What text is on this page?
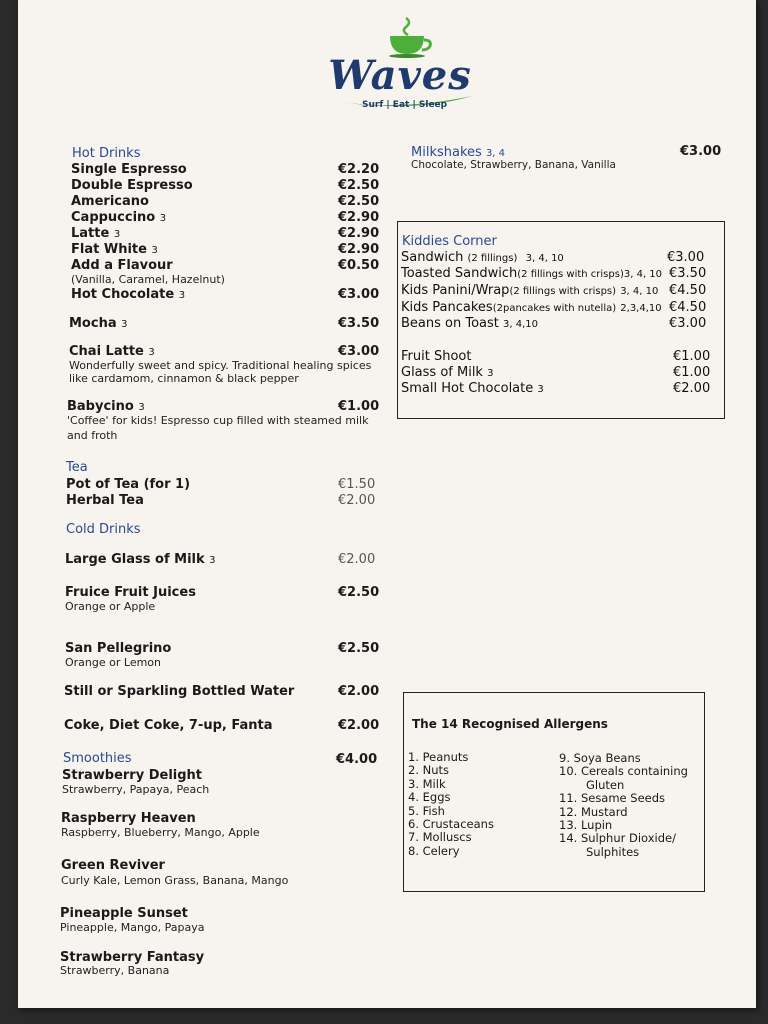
Waves
Surf | Eat | Sleep
Hot Drinks
Single Espresso	€2.20
Double Espresso	€2.50
Americano	€2.50
Cappuccino 3	€2.90
Latte 3	€2.90
Flat White 3	€2.90
Add a Flavour	€0.50
(Vanilla, Caramel, Hazelnut)
Hot Chocolate 3	€3.00
Mocha 3	€3.50
Chai Latte 3	€3.00
Wonderfully sweet and spicy. Traditional healing spices
like cardamom, cinnamon & black pepper
Babycino 3	€1.00
'Coffee' for kids! Espresso cup filled with steamed milk
and froth
Tea
Pot of Tea (for 1)	€1.50
Herbal Tea	€2.00
Cold Drinks
Large Glass of Milk 3	€2.00
Fruice Fruit Juices	€2.50
Orange or Apple
San Pellegrino	€2.50
Orange or Lemon
Still or Sparkling Bottled Water	€2.00
Coke, Diet Coke, 7-up, Fanta	€2.00
Smoothies	€4.00
Strawberry Delight
Strawberry, Papaya, Peach
Raspberry Heaven
Raspberry, Blueberry, Mango, Apple
Green Reviver
Curly Kale, Lemon Grass, Banana, Mango
Pineapple Sunset
Pineapple, Mango, Papaya
Strawberry Fantasy
Strawberry, Banana
Milkshakes 3, 4	€3.00
Chocolate, Strawberry, Banana, Vanilla
Kiddies Corner
Sandwich (2 fillings) 3, 4, 10	€3.00
Toasted Sandwich(2 fillings with crisps)3, 4, 10 €3.50
Kids Panini/Wrap(2 fillings with crisps) 3, 4, 10 €4.50
Kids Pancakes(2pancakes with nutella) 2,3,4,10 €4.50
Beans on Toast 3, 4,10	€3.00
Fruit Shoot	€1.00
Glass of Milk 3	€1.00
Small Hot Chocolate 3	€2.00
The 14 Recognised Allergens
1. Peanuts
2. Nuts
3. Milk
4. Eggs
5. Fish
6. Crustaceans
7. Molluscs
8. Celery
9. Soya Beans
10. Cereals containing
Gluten
11. Sesame Seeds
12. Mustard
13. Lupin
14. Sulphur Dioxide/
Sulphites
